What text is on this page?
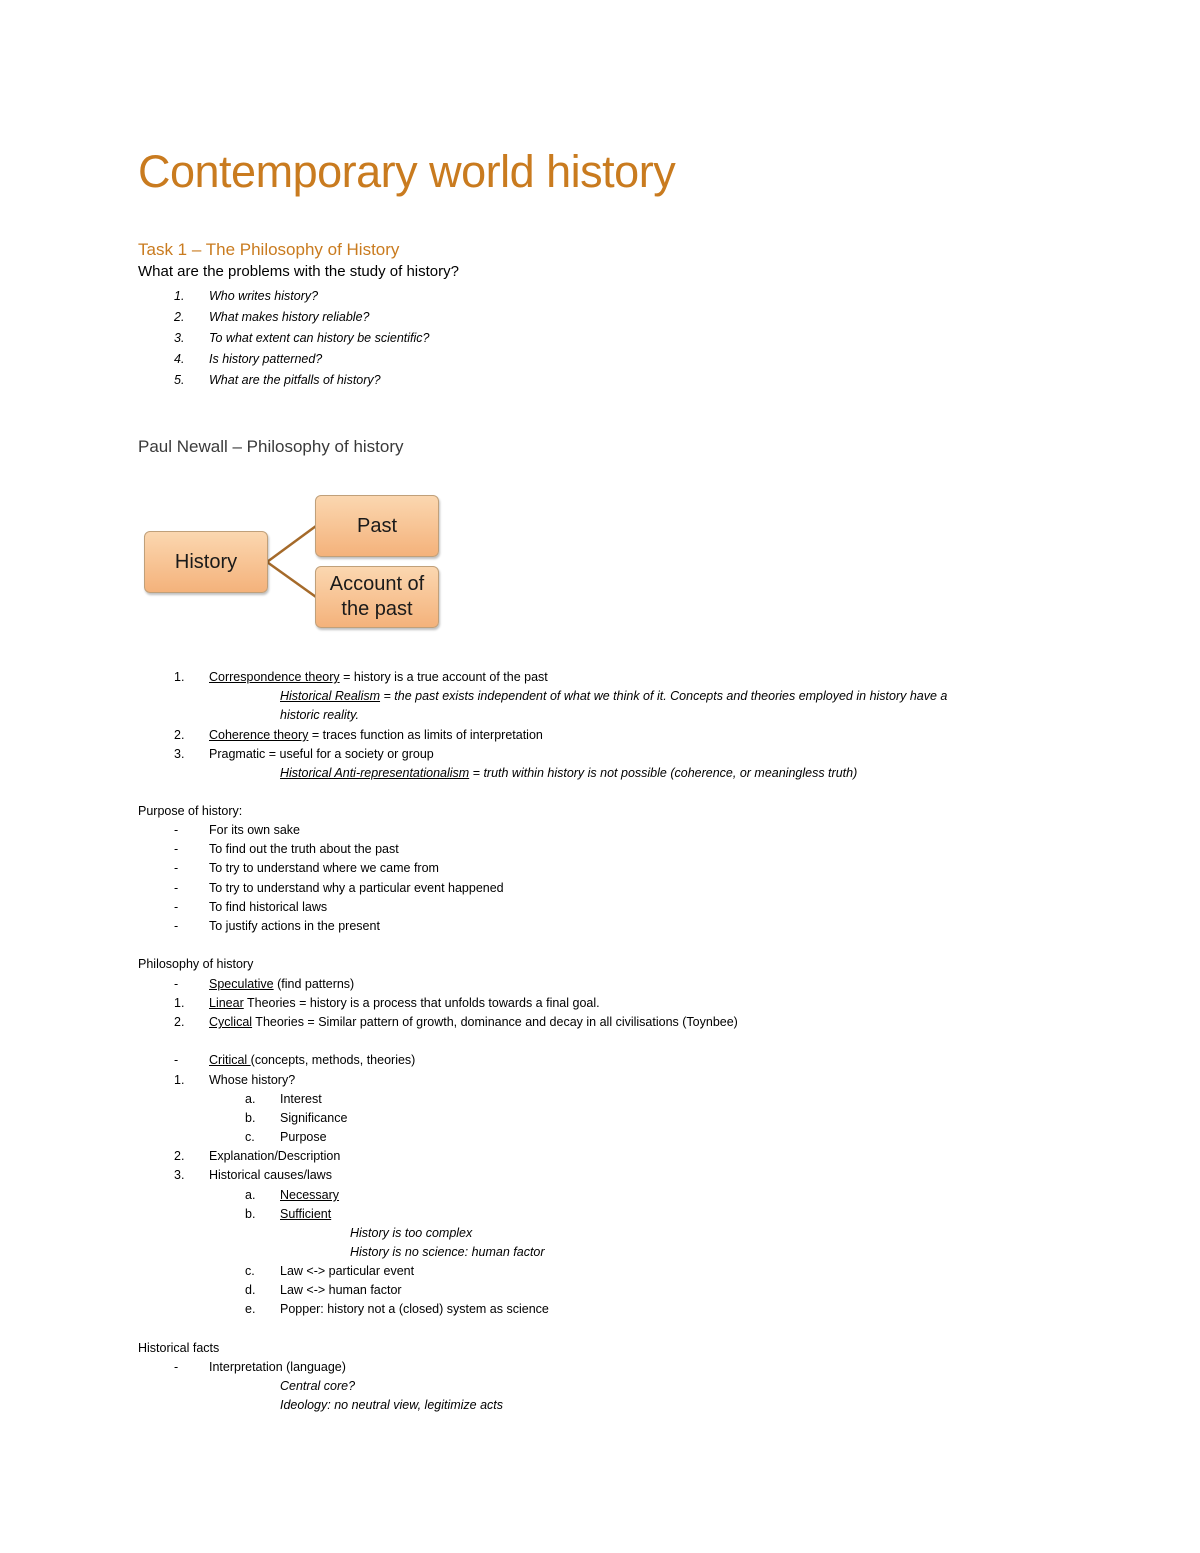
Contemporary world history
Task 1 – The Philosophy of History
What are the problems with the study of history?
1. Who writes history?
2. What makes history reliable?
3. To what extent can history be scientific?
4. Is history patterned?
5. What are the pitfalls of history?
Paul Newall – Philosophy of history
History
Past
Account of the past
1. Correspondence theory = history is a true account of the past
Historical Realism = the past exists independent of what we think of it. Concepts and theories employed in history have a
historic reality.
2. Coherence theory = traces function as limits of interpretation
3. Pragmatic = useful for a society or group
Historical Anti-representationalism = truth within history is not possible (coherence, or meaningless truth)
Purpose of history:
- For its own sake
- To find out the truth about the past
- To try to understand where we came from
- To try to understand why a particular event happened
- To find historical laws
- To justify actions in the present
Philosophy of history
- Speculative (find patterns)
1. Linear Theories = history is a process that unfolds towards a final goal.
2. Cyclical Theories = Similar pattern of growth, dominance and decay in all civilisations (Toynbee)
- Critical (concepts, methods, theories)
1. Whose history?
a. Interest
b. Significance
c. Purpose
2. Explanation/Description
3. Historical causes/laws
a. Necessary
b. Sufficient
History is too complex
History is no science: human factor
c. Law <-> particular event
d. Law <-> human factor
e. Popper: history not a (closed) system as science
Historical facts
- Interpretation (language)
Central core?
Ideology: no neutral view, legitimize acts
